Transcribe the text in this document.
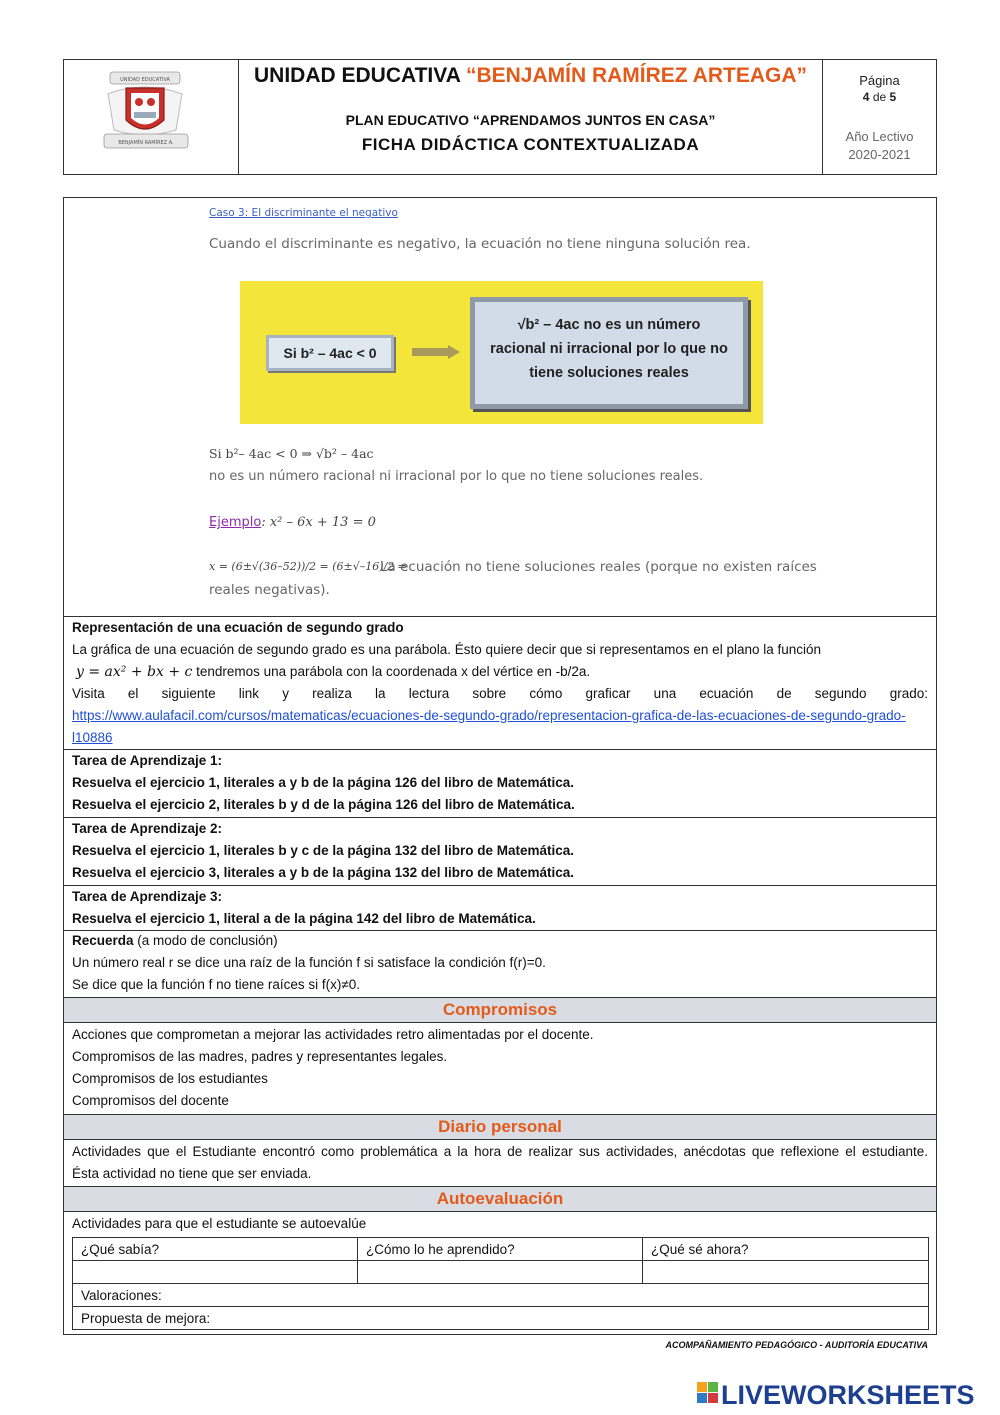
UNIDAD EDUCATIVA
BENJAMÍN RAMÍREZ A.
UNIDAD EDUCATIVA “BENJAMÍN RAMÍREZ ARTEAGA”
PLAN EDUCATIVO “APRENDAMOS JUNTOS EN CASA”
FICHA DIDÁCTICA CONTEXTUALIZADA
Página
4 de 5
Año Lectivo
2020-2021
Caso 3: El discriminante el negativo
Cuando el discriminante es negativo, la ecuación no tiene ninguna solución rea.
Si b² – 4ac < 0
√b² – 4ac no es un número
racional ni irracional por lo que no
tiene soluciones reales
Si b²– 4ac < 0 ⇒ √b² – 4ac
no es un número racional ni irracional por lo que no tiene soluciones reales.
Ejemplo: x² – 6x + 13 = 0
x = (6±√(36–52))/2 = (6±√–16)/2 ⇒
La ecuación no tiene soluciones reales (porque no existen raíces
reales negativas).
Representación de una ecuación de segundo grado
La gráfica de una ecuación de segundo grado es una parábola. Ésto quiere decir que si representamos en el plano la función
y = ax² + bx + c tendremos una parábola con la coordenada x del vértice en -b/2a.
Visita el siguiente link y realiza la lectura sobre cómo graficar una ecuación de segundo grado:
https://www.aulafacil.com/cursos/matematicas/ecuaciones-de-segundo-grado/representacion-grafica-de-las-ecuaciones-de-segundo-grado-
l10886
Tarea de Aprendizaje 1:
Resuelva el ejercicio 1, literales a y b de la página 126 del libro de Matemática.
Resuelva el ejercicio 2, literales b y d de la página 126 del libro de Matemática.
Tarea de Aprendizaje 2:
Resuelva el ejercicio 1, literales b y c de la página 132 del libro de Matemática.
Resuelva el ejercicio 3, literales a y b de la página 132 del libro de Matemática.
Tarea de Aprendizaje 3:
Resuelva el ejercicio 1, literal a de la página 142 del libro de Matemática.
Recuerda (a modo de conclusión)
Un número real r se dice una raíz de la función f si satisface la condición f(r)=0.
Se dice que la función f no tiene raíces si f(x)≠0.
Compromisos
Acciones que comprometan a mejorar las actividades retro alimentadas por el docente.
Compromisos de las madres, padres y representantes legales.
Compromisos de los estudiantes
Compromisos del docente
Diario personal
Actividades que el Estudiante encontró como problemática a la hora de realizar sus actividades, anécdotas que reflexione el estudiante.
Ésta actividad no tiene que ser enviada.
Autoevaluación
Actividades para que el estudiante se autoevalúe
¿Qué sabía?	¿Cómo lo he aprendido?	¿Qué sé ahora?

Valoraciones:		
Propuesta de mejora:		
ACOMPAÑAMIENTO PEDAGÓGICO - AUDITORÍA EDUCATIVA
LIVEWORKSHEETS
